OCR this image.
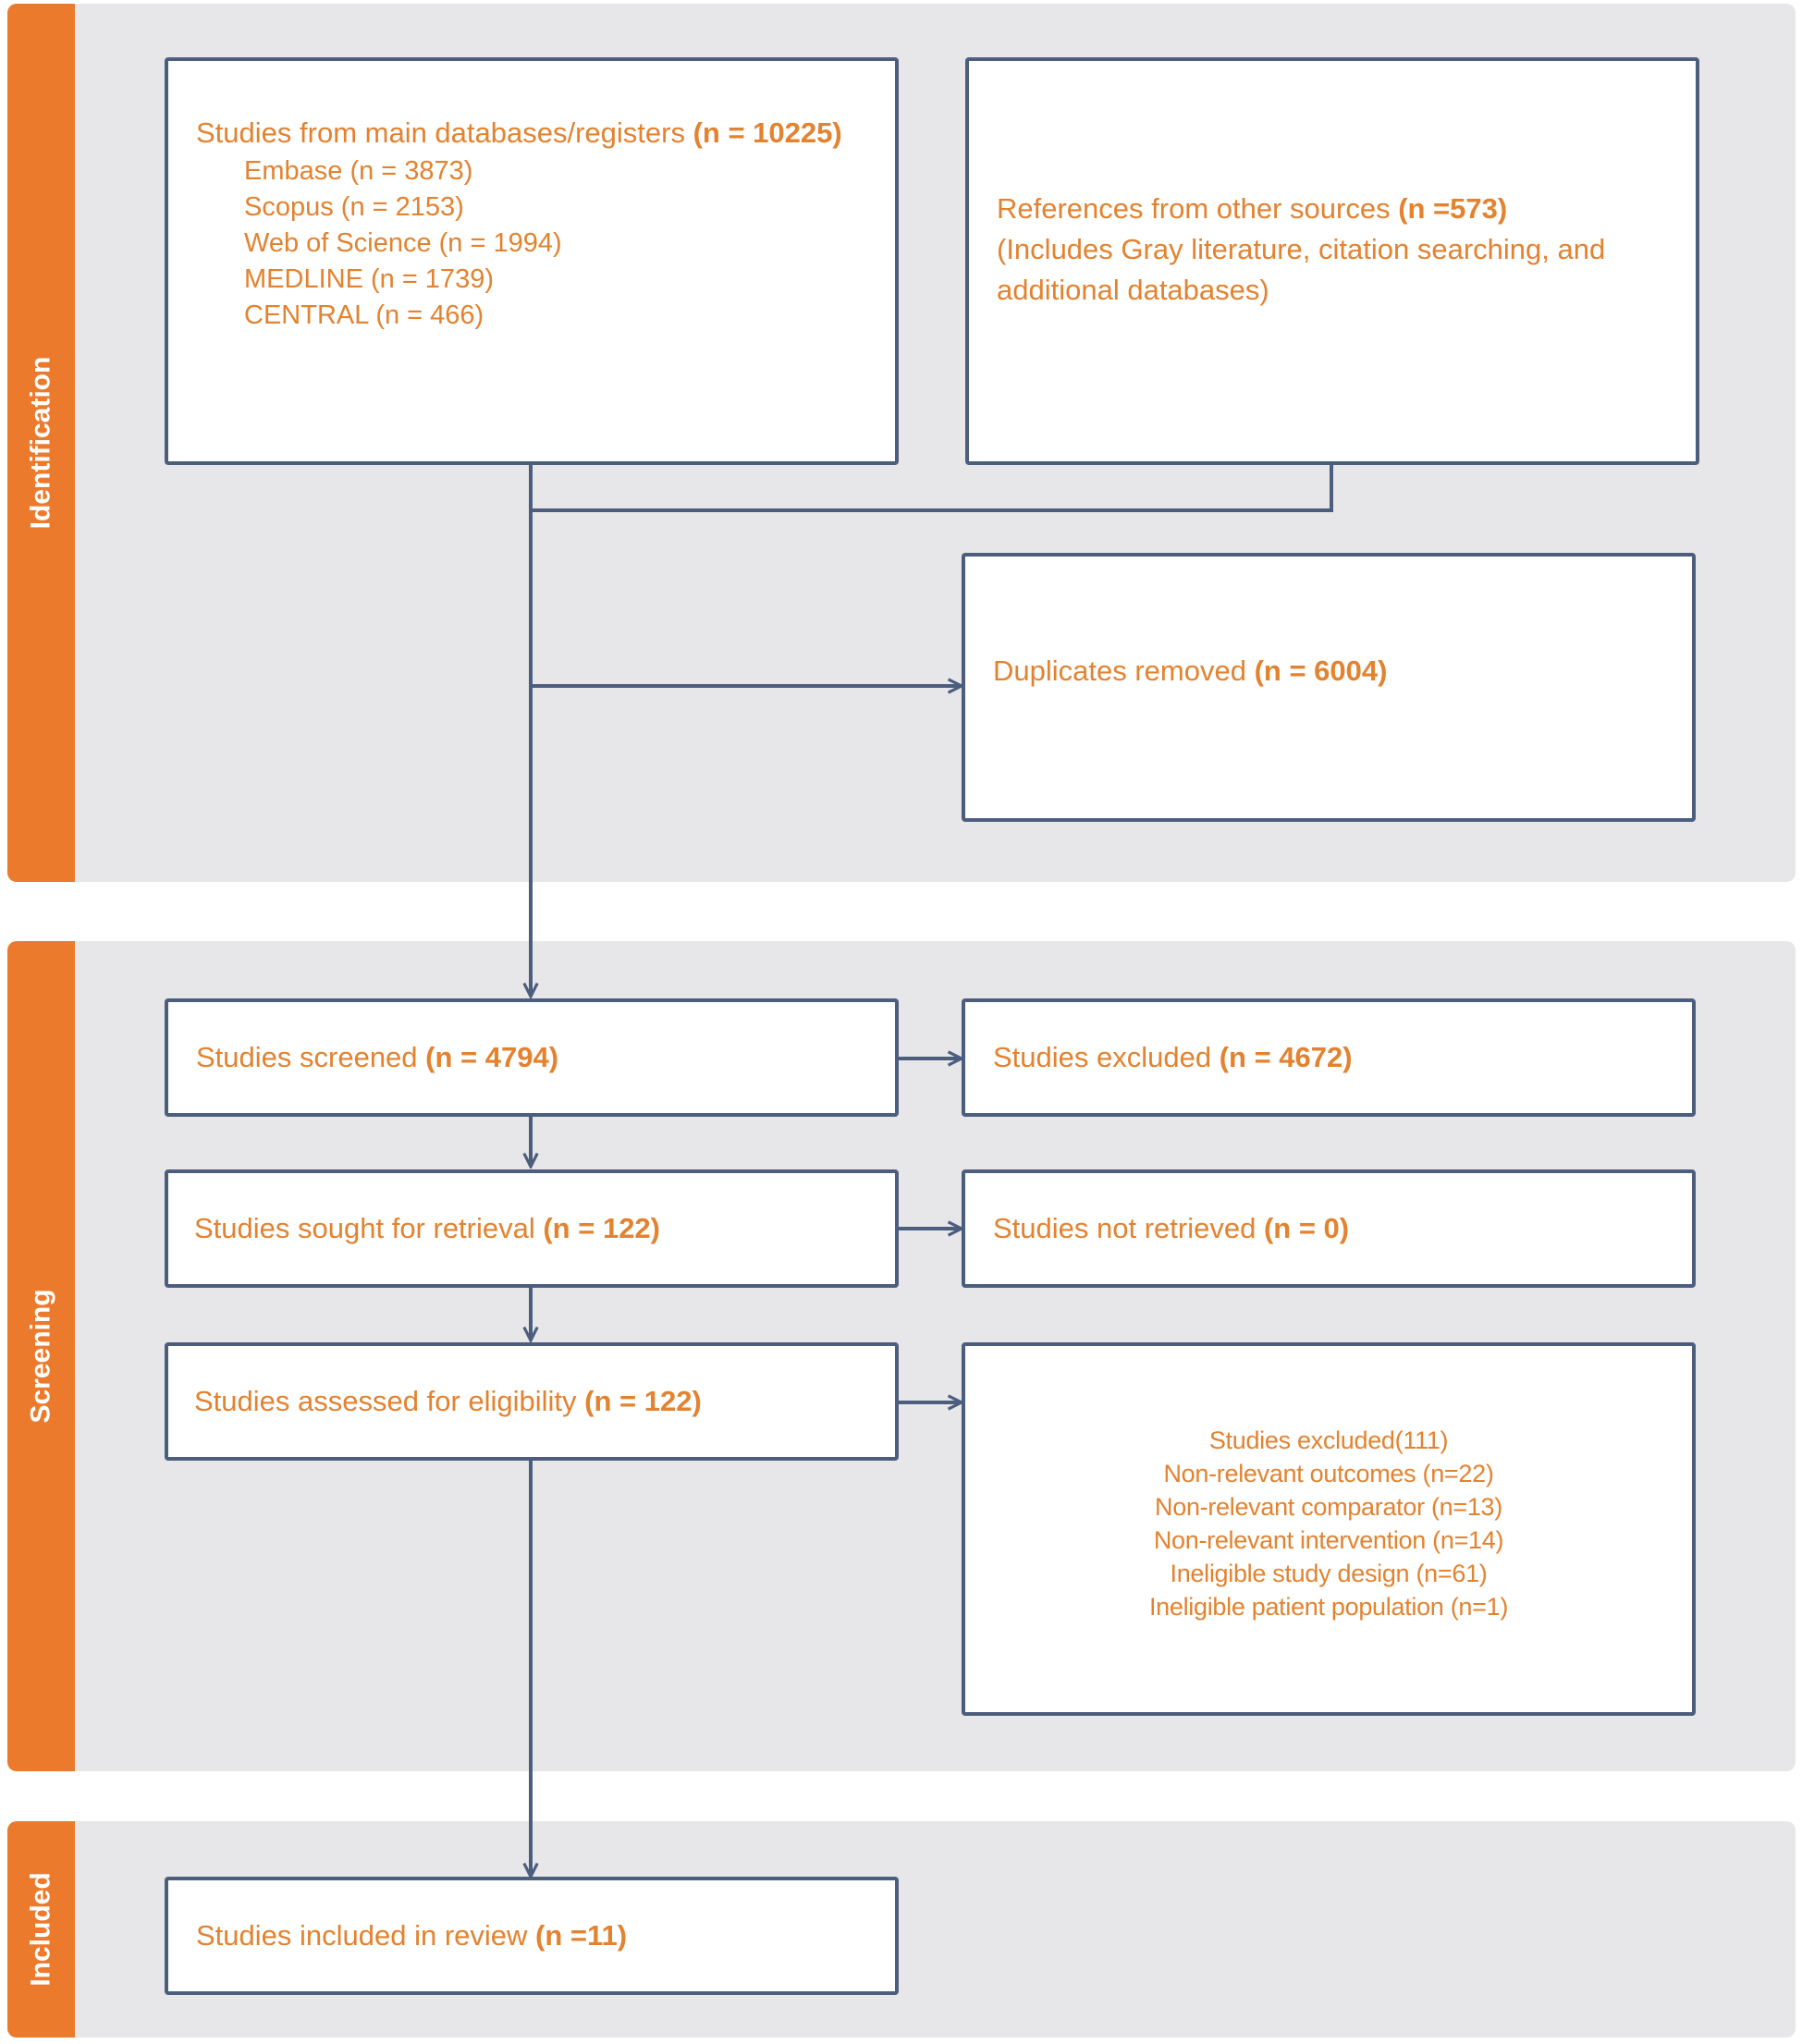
Identification
Screening
Included
Studies from main databases/registers (n = 10225)
Embase (n = 3873)
Scopus (n = 2153)
Web of Science (n = 1994)
MEDLINE (n = 1739)
CENTRAL (n = 466)
References from other sources (n =573)
(Includes Gray literature, citation searching, and additional databases)
Duplicates removed (n = 6004)
Studies screened (n = 4794)	Studies excluded (n = 4672)
Studies sought for retrieval (n = 122)	Studies not retrieved (n = 0)
Studies assessed for eligibility (n = 122)
Studies excluded(111)
Non-relevant outcomes (n=22)
Non-relevant comparator (n=13)
Non-relevant intervention (n=14)
Ineligible study design (n=61)
Ineligible patient population (n=1)
Studies included in review (n =11)
